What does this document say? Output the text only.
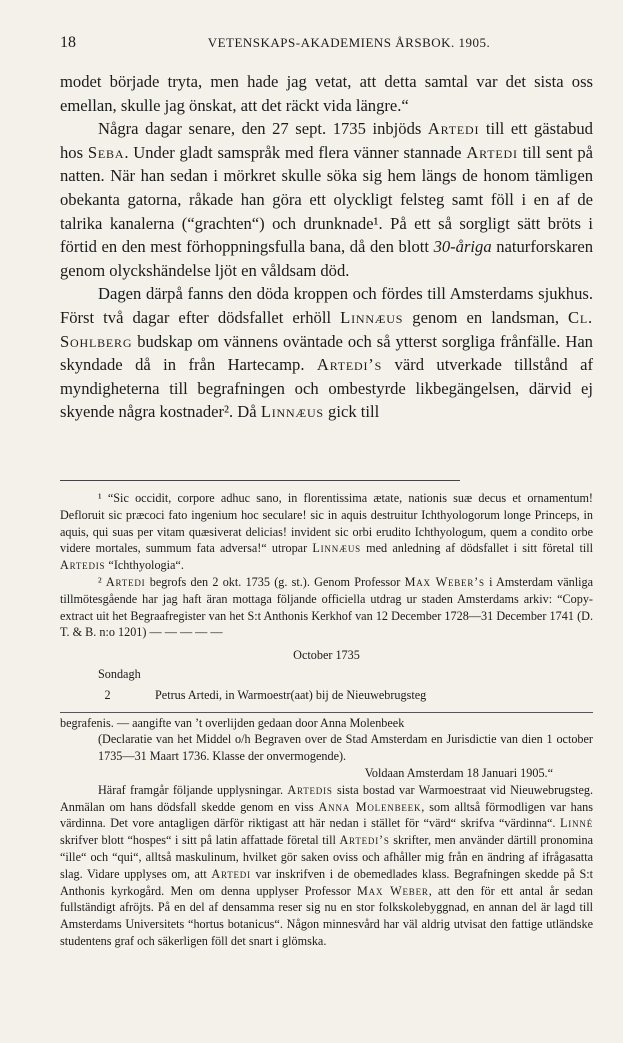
18	VETENSKAPS-AKADEMIENS ÅRSBOK. 1905.

modet började tryta, men hade jag vetat, att detta samtal var det sista oss emellan, skulle jag önskat, att det räckt vida längre.“

Några dagar senare, den 27 sept. 1735 inbjöds Artedi till ett gästabud hos Seba. Under gladt samspråk med flera vänner stannade Artedi till sent på natten. När han sedan i mörkret skulle söka sig hem längs de honom tämligen obekanta gatorna, råkade han göra ett olyckligt felsteg samt föll i en af de talrika kanalerna (“grachten“) och drunknade¹. På ett så sorgligt sätt bröts i förtid en den mest förhoppningsfulla bana, då den blott 30-åriga naturforskaren genom olyckshändelse ljöt en våldsam död.

Dagen därpå fanns den döda kroppen och fördes till Amsterdams sjukhus. Först två dagar efter dödsfallet erhöll Linnæus genom en landsman, Cl. Sohlberg budskap om vännens oväntade och så ytterst sorgliga frånfälle. Han skyndade då in från Hartecamp. Artedi’s värd utverkade tillstånd af myndigheterna till begrafningen och ombestyrde likbegängelsen, därvid ej skyende några kostnader². Då Linnæus gick till

¹ “Sic occidit, corpore adhuc sano, in florentissima ætate, nationis suæ decus et ornamentum! Defloruit sic præcoci fato ingenium hoc seculare! sic in aquis destruitur Ichthyologorum longe Princeps, in aquis, qui suas per vitam quæsiverat delicias! invident sic orbi erudito Ichthyologum, quem a condito orbe videre mortales, summum fata adversa!“ utropar Linnæus med anledning af dödsfallet i sitt företal till Artedis “Ichthyologia“.

² Artedi begrofs den 2 okt. 1735 (g. st.). Genom Professor Max Weber’s i Amsterdam vänliga tillmötesgående har jag haft äran mottaga följande officiella utdrag ur staden Amsterdams arkiv: “Copy-extract uit het Begraafregister van het S:t Anthonis Kerkhof van 12 December 1728—31 December 1741 (D. T. & B. n:o 1201) — — — — —

October 1735

Sondagh

2	Petrus Artedi, in Warmoestr(aat) bij de Nieuwebrugsteg

begrafenis. — aangifte van ’t overlijden gedaan door Anna Molenbeek

(Declaratie van het Middel o/h Begraven over de Stad Amsterdam en Jurisdictie van dien 1 october 1735—31 Maart 1736. Klasse der onvermogende).

Voldaan Amsterdam 18 Januari 1905.“

Häraf framgår följande upplysningar. Artedis sista bostad var Warmoestraat vid Nieuwebrugsteg. Anmälan om hans dödsfall skedde genom en viss Anna Molenbeek, som alltså förmodligen var hans värdinna. Det vore antagligen därför riktigast att här nedan i stället för “värd“ skrifva “värdinna“. Linné skrifver blott “hospes“ i sitt på latin affattade företal till Artedi’s skrifter, men använder därtill pronomina “ille“ och “qui“, alltså maskulinum, hvilket gör saken oviss och afhåller mig från en ändring af ifrågasatta slag. Vidare upplyses om, att Artedi var inskrifven i de obemedlades klass. Begrafningen skedde på S:t Anthonis kyrkogård. Men om denna upplyser Professor Max Weber, att den för ett antal år sedan fullständigt afröjts. På en del af densamma reser sig nu en stor folkskolebyggnad, en annan del är lagd till Amsterdams Universitets “hortus botanicus“. Någon minnesvård har väl aldrig utvisat den fattige utländske studentens graf och säkerligen föll det snart i glömska.
